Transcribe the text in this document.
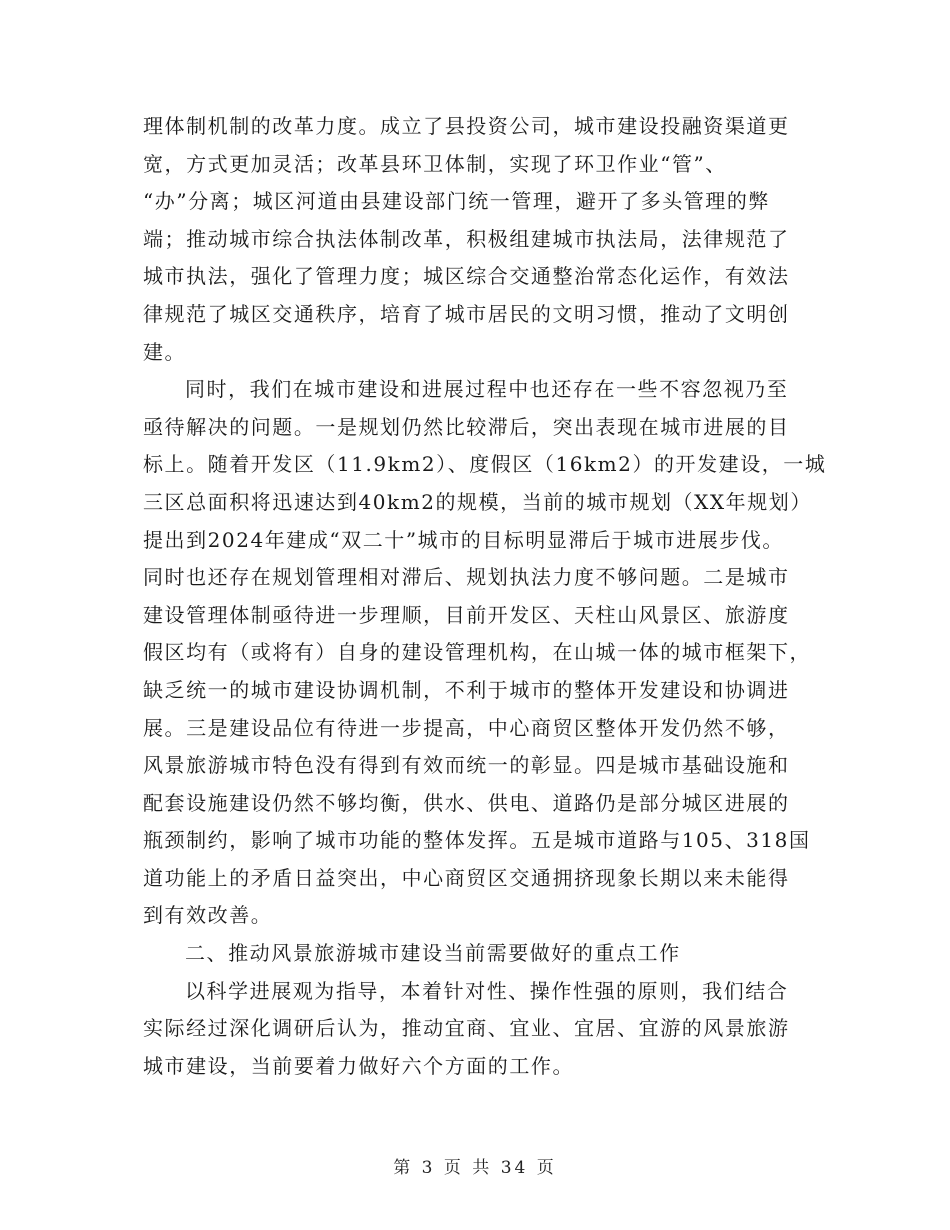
理体制机制的改革力度。成立了县投资公司，城市建设投融资渠道更
宽，方式更加灵活；改革县环卫体制，实现了环卫作业“管”、
“办”分离；城区河道由县建设部门统一管理，避开了多头管理的弊
端；推动城市综合执法体制改革，积极组建城市执法局，法律规范了
城市执法，强化了管理力度；城区综合交通整治常态化运作，有效法
律规范了城区交通秩序，培育了城市居民的文明习惯，推动了文明创
建。
同时，我们在城市建设和进展过程中也还存在一些不容忽视乃至
亟待解决的问题。一是规划仍然比较滞后，突出表现在城市进展的目
标上。随着开发区（11.9km2）、度假区（16km2）的开发建设，一城
三区总面积将迅速达到40km2的规模，当前的城市规划（XX年规划）
提出到2024年建成“双二十”城市的目标明显滞后于城市进展步伐。
同时也还存在规划管理相对滞后、规划执法力度不够问题。二是城市
建设管理体制亟待进一步理顺，目前开发区、天柱山风景区、旅游度
假区均有（或将有）自身的建设管理机构，在山城一体的城市框架下，
缺乏统一的城市建设协调机制，不利于城市的整体开发建设和协调进
展。三是建设品位有待进一步提高，中心商贸区整体开发仍然不够，
风景旅游城市特色没有得到有效而统一的彰显。四是城市基础设施和
配套设施建设仍然不够均衡，供水、供电、道路仍是部分城区进展的
瓶颈制约，影响了城市功能的整体发挥。五是城市道路与105、318国
道功能上的矛盾日益突出，中心商贸区交通拥挤现象长期以来未能得
到有效改善。
二、推动风景旅游城市建设当前需要做好的重点工作
以科学进展观为指导，本着针对性、操作性强的原则，我们结合
实际经过深化调研后认为，推动宜商、宜业、宜居、宜游的风景旅游
城市建设，当前要着力做好六个方面的工作。
第 3 页 共 34 页
